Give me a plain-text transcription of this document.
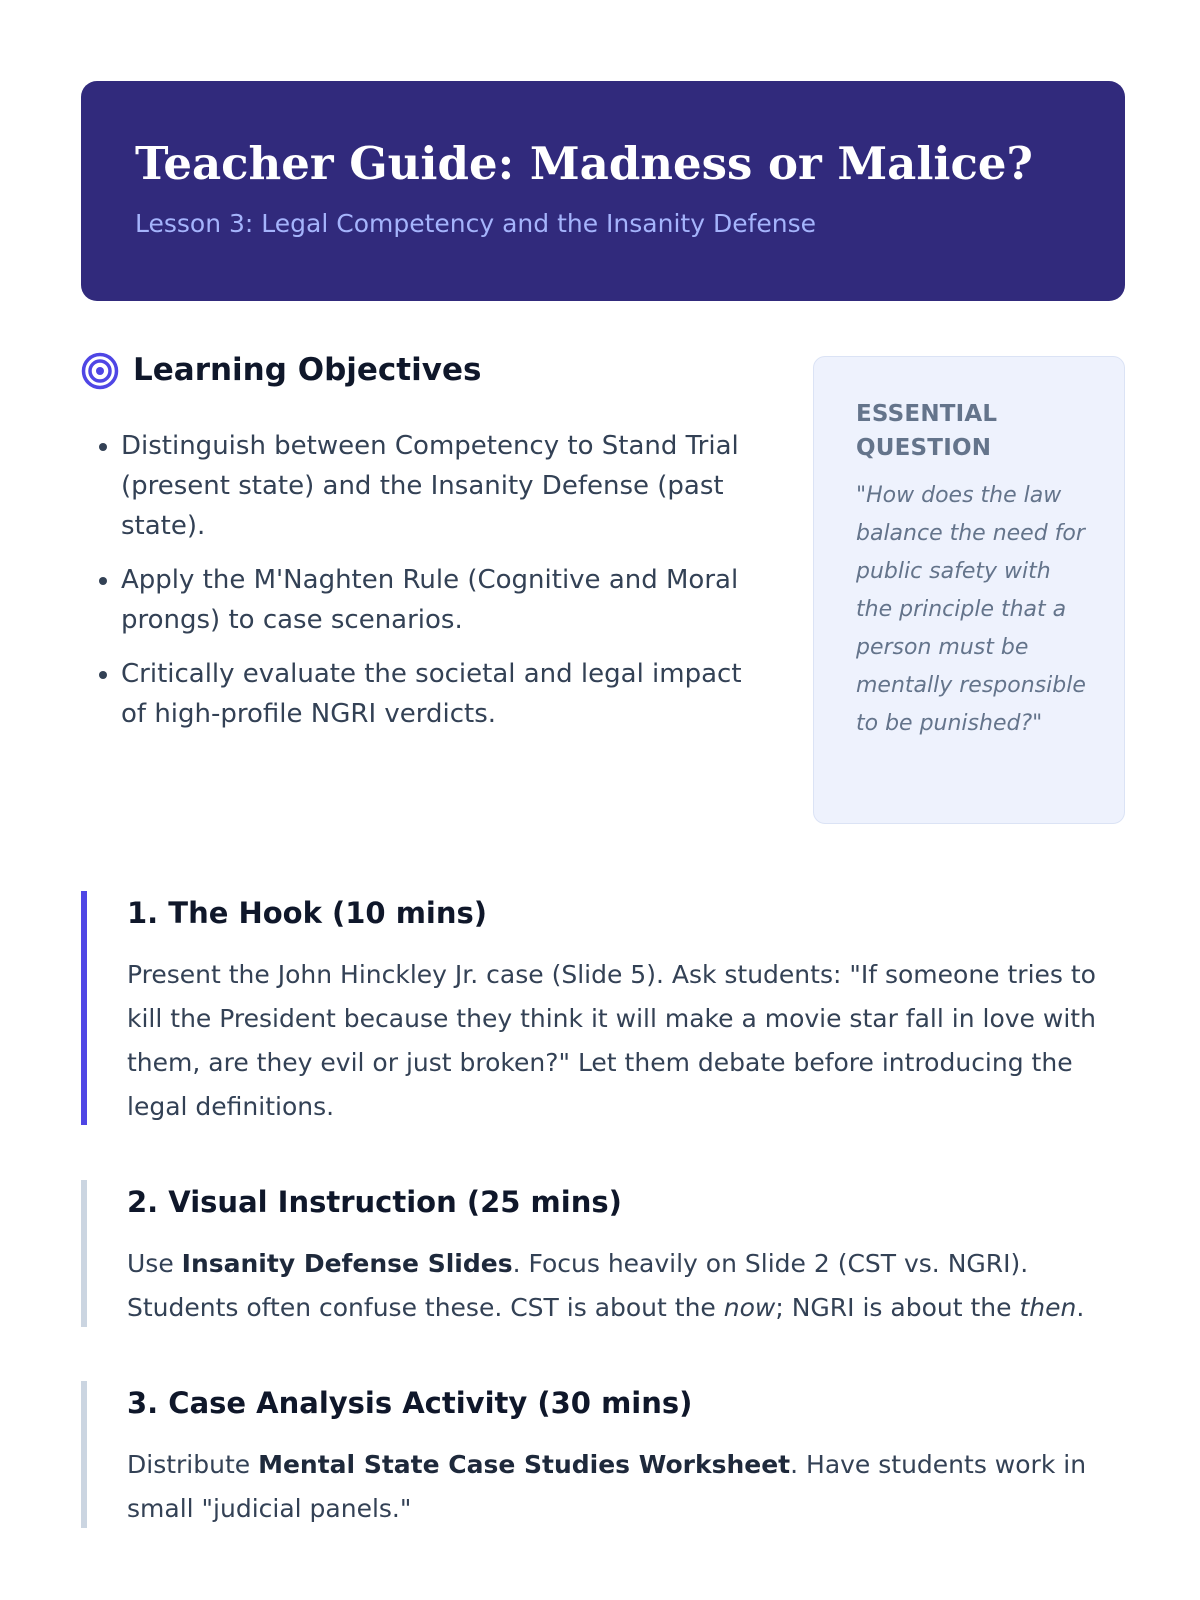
Teacher Guide: Madness or Malice?
Lesson 3: Legal Competency and the Insanity Defense
Learning Objectives
• Distinguish between Competency to Stand Trial (present state) and the Insanity Defense (past state).
• Apply the M'Naghten Rule (Cognitive and Moral prongs) to case scenarios.
• Critically evaluate the societal and legal impact of high-profile NGRI verdicts.
ESSENTIAL QUESTION
"How does the law balance the need for public safety with the principle that a person must be mentally responsible to be punished?"
1. The Hook (10 mins)
Present the John Hinckley Jr. case (Slide 5). Ask students: "If someone tries to kill the President because they think it will make a movie star fall in love with them, are they evil or just broken?" Let them debate before introducing the legal definitions.
2. Visual Instruction (25 mins)
Use Insanity Defense Slides. Focus heavily on Slide 2 (CST vs. NGRI). Students often confuse these. CST is about the now; NGRI is about the then.
3. Case Analysis Activity (30 mins)
Distribute Mental State Case Studies Worksheet. Have students work in small "judicial panels."
